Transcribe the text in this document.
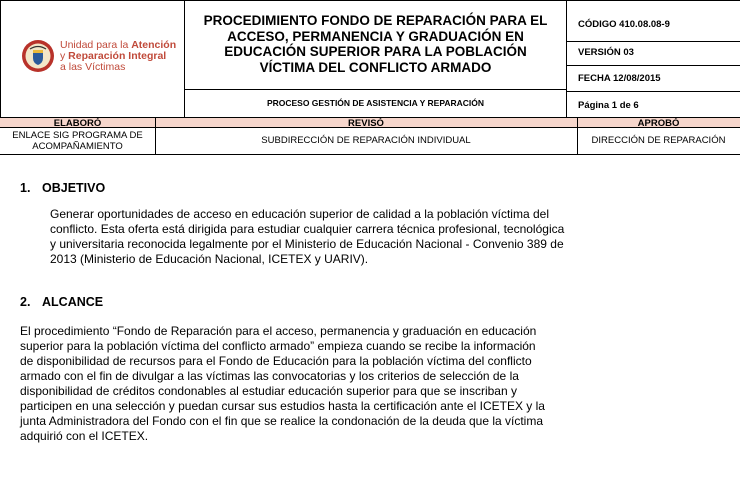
Unidad para la Atención
y Reparación Integral
a las Víctimas
PROCEDIMIENTO FONDO DE REPARACIÓN PARA EL
ACCESO, PERMANENCIA Y GRADUACIÓN EN
EDUCACIÓN SUPERIOR PARA LA POBLACIÓN
VÍCTIMA DEL CONFLICTO ARMADO
PROCESO GESTIÓN DE ASISTENCIA Y REPARACIÓN
CÓDIGO 410.08.08-9
VERSIÓN 03
FECHA 12/08/2015
Página 1 de 6
ELABORÓ	REVISÓ	APROBÓ
ENLACE SIG PROGRAMA DE ACOMPAÑAMIENTO	SUBDIRECCIÓN DE REPARACIÓN INDIVIDUAL	DIRECCIÓN DE REPARACIÓN
1. OBJETIVO
Generar oportunidades de acceso en educación superior de calidad a la población víctima del
conflicto. Esta oferta está dirigida para estudiar cualquier carrera técnica profesional, tecnológica
y universitaria reconocida legalmente por el Ministerio de Educación Nacional - Convenio 389 de
2013 (Ministerio de Educación Nacional, ICETEX y UARIV).
2. ALCANCE
El procedimiento “Fondo de Reparación para el acceso, permanencia y graduación en educación
superior para la población víctima del conflicto armado” empieza cuando se recibe la información
de disponibilidad de recursos para el Fondo de Educación para la población víctima del conflicto
armado con el fin de divulgar a las víctimas las convocatorias y los criterios de selección de la
disponibilidad de créditos condonables al estudiar educación superior para que se inscriban y
participen en una selección y puedan cursar sus estudios hasta la certificación ante el ICETEX y la
junta Administradora del Fondo con el fin que se realice la condonación de la deuda que la víctima
adquirió con el ICETEX.
